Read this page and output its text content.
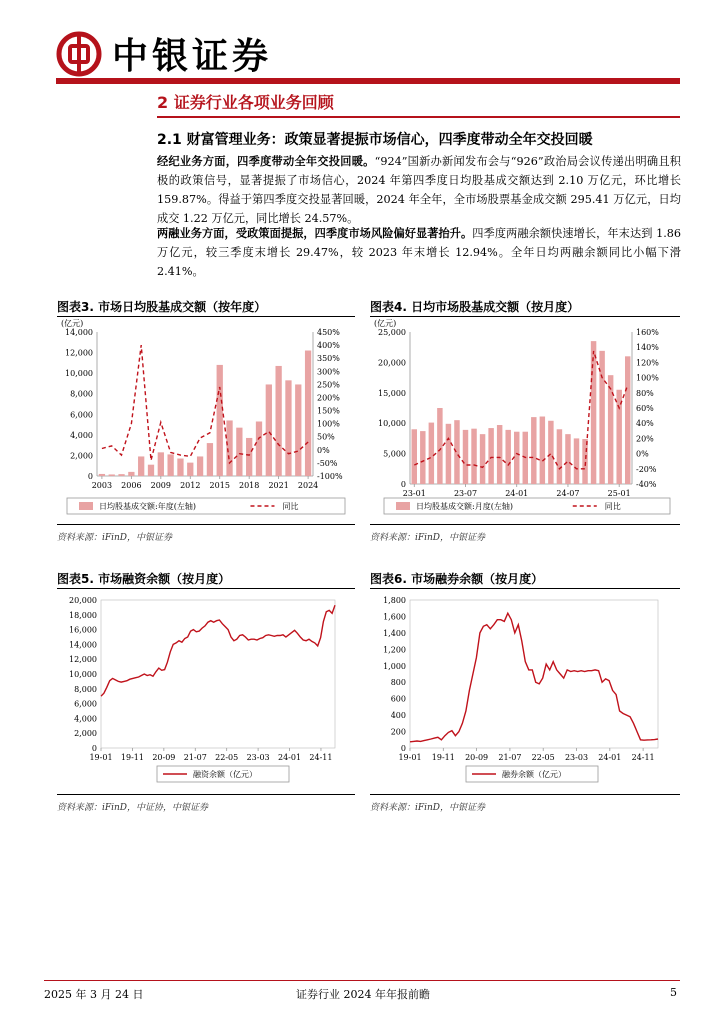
中银证券
2 证券行业各项业务回顾
2.1 财富管理业务：政策显著提振市场信心，四季度带动全年交投回暖

经纪业务方面，四季度带动全年交投回暖。“924”国新办新闻发布会与“926”政治局会议传递出明确且积极的政策信号，显著提振了市场信心，2024 年第四季度日均股基成交额达到 2.10 万亿元，环比增长 159.87%。得益于第四季度交投显著回暖，2024 年全年，全市场股票基金成交额 295.41 万亿元，日均成交 1.22 万亿元，同比增长 24.57%。

两融业务方面，受政策面提振，四季度市场风险偏好显著抬升。四季度两融余额快速增长，年末达到 1.86 万亿元，较三季度末增长 29.47%，较 2023 年末增长 12.94%。全年日均两融余额同比小幅下滑 2.41%。

图表3. 市场日均股基成交额（按年度）
(亿元)
0
2,000
4,000
6,000
8,000
10,000
12,000
14,000
-100%
-50%
0%
50%
100%
150%
200%
250%
300%
350%
400%
450%
2003 2006 2009 2012 2015 2018 2021 2024
日均股基成交额:年度(左轴)	同比
资料来源：iFinD，中银证券
图表4. 日均市场股基成交额（按月度）
(亿元)
0
5,000
10,000
15,000
20,000
25,000
-40%
-20%
0%
20%
40%
60%
80%
100%
120%
140%
160%
23-01	23-07	24-01	24-07	25-01
日均股基成交额:月度(左轴)	同比
资料来源：iFinD，中银证券
图表5. 市场融资余额（按月度）
0
2,000
4,000
6,000
8,000
10,000
12,000
14,000
16,000
18,000
20,000
19-01 19-11 20-09 21-07 22-05 23-03 24-01 24-11
融资余额（亿元）
资料来源：iFinD，中证协，中银证券
图表6. 市场融券余额（按月度）
0
200
400
600
800
1,000
1,200
1,400
1,600
1,800
19-01 19-11 20-09 21-07 22-05 23-03 24-01 24-11
融券余额（亿元）
资料来源：iFinD，中银证券
2025 年 3 月 24 日	证券行业 2024 年年报前瞻	5
